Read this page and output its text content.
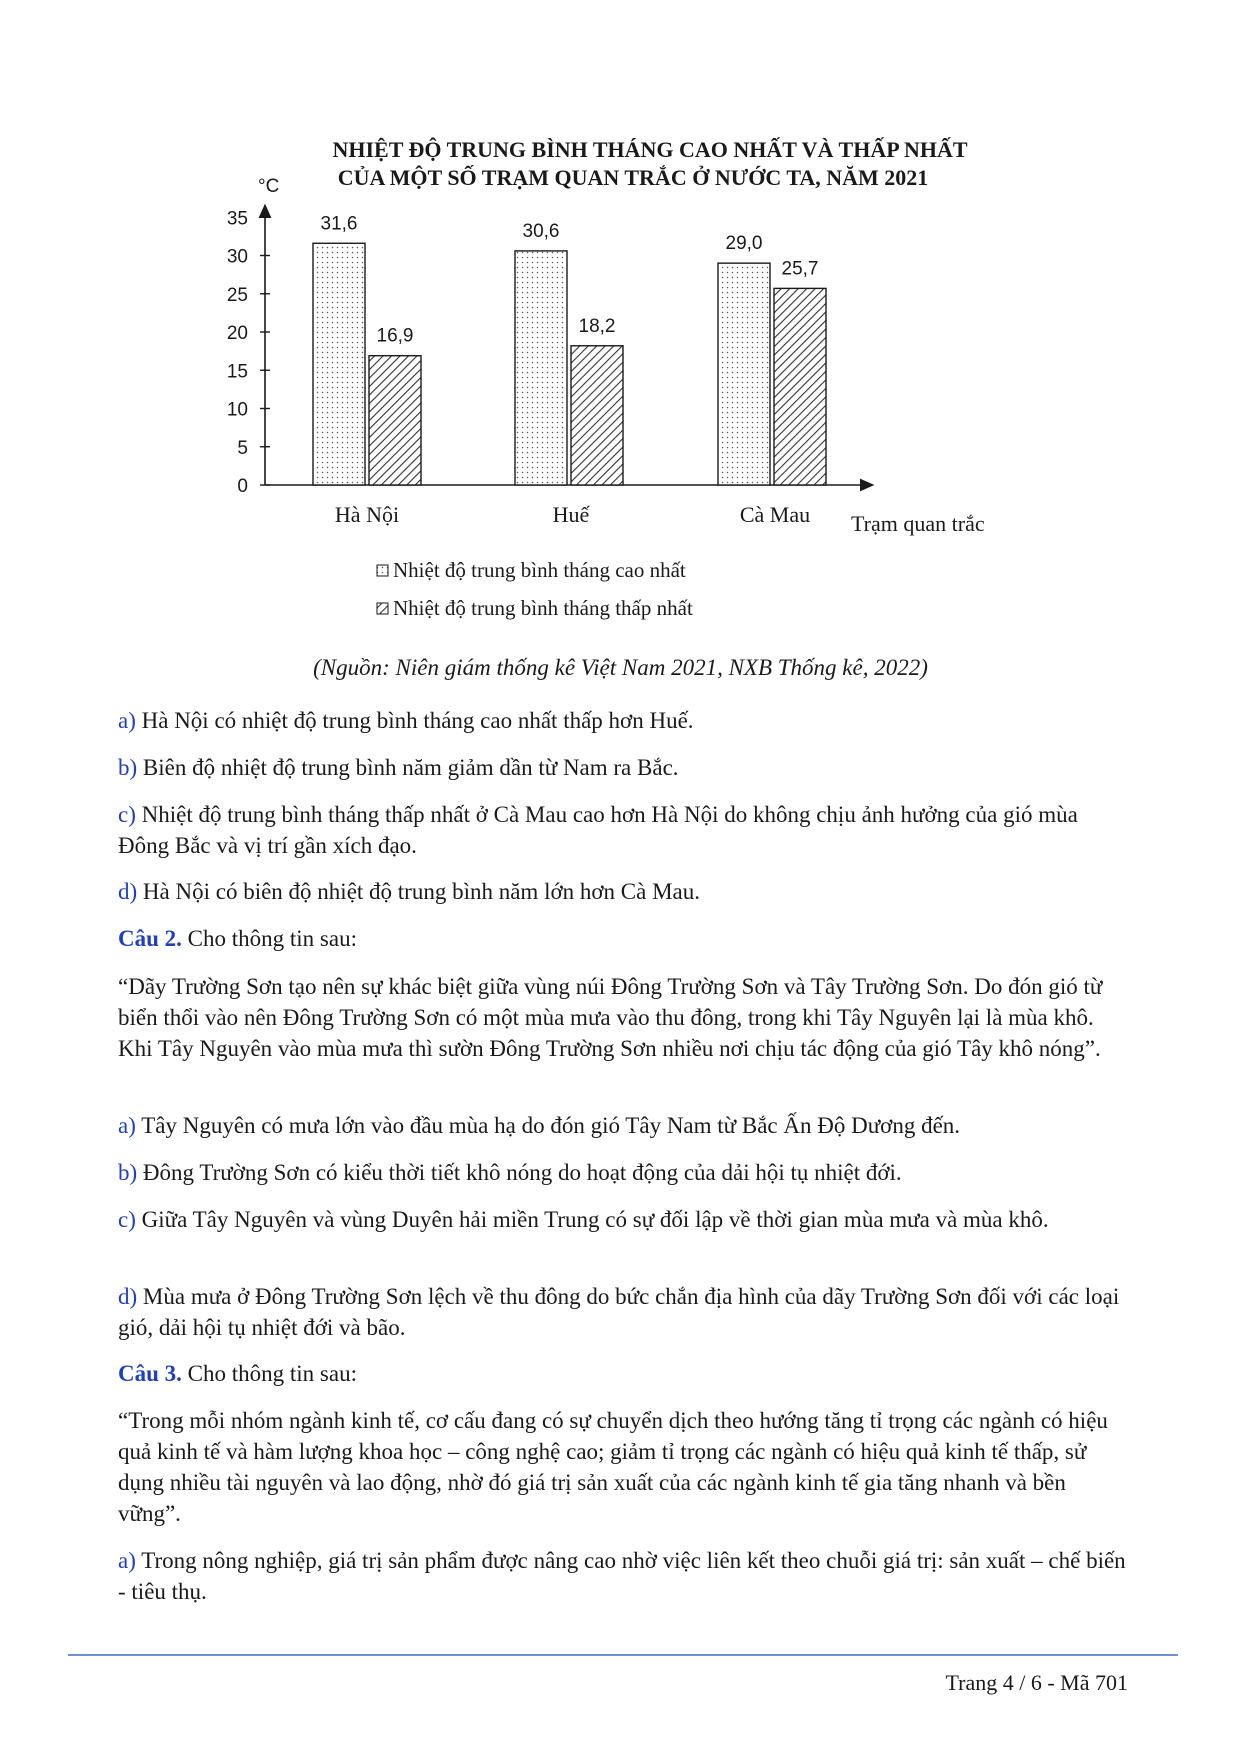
NHIỆT ĐỘ TRUNG BÌNH THÁNG CAO NHẤT VÀ THẤP NHẤT
CỦA MỘT SỐ TRẠM QUAN TRẮC Ở NƯỚC TA, NĂM 2021
°C
Trạm quan trắc
0
5
10
15
20
25
30
35	31,6
16,9
30,6
18,2
29,0
25,7
Hà Nội	Huế	Cà Mau
Nhiệt độ trung bình tháng cao nhất
Nhiệt độ trung bình tháng thấp nhất
(Nguồn: Niên giám thống kê Việt Nam 2021, NXB Thống kê, 2022)
a) Hà Nội có nhiệt độ trung bình tháng cao nhất thấp hơn Huế.
b) Biên độ nhiệt độ trung bình năm giảm dần từ Nam ra Bắc.
c) Nhiệt độ trung bình tháng thấp nhất ở Cà Mau cao hơn Hà Nội do không chịu ảnh hưởng của gió mùa Đông Bắc và vị trí gần xích đạo.
d) Hà Nội có biên độ nhiệt độ trung bình năm lớn hơn Cà Mau.
Câu 2. Cho thông tin sau:
“Dãy Trường Sơn tạo nên sự khác biệt giữa vùng núi Đông Trường Sơn và Tây Trường Sơn. Do đón gió từ biển thổi vào nên Đông Trường Sơn có một mùa mưa vào thu đông, trong khi Tây Nguyên lại là mùa khô. Khi Tây Nguyên vào mùa mưa thì sườn Đông Trường Sơn nhiều nơi chịu tác động của gió Tây khô nóng”.
a) Tây Nguyên có mưa lớn vào đầu mùa hạ do đón gió Tây Nam từ Bắc Ấn Độ Dương đến.
b) Đông Trường Sơn có kiểu thời tiết khô nóng do hoạt động của dải hội tụ nhiệt đới.
c) Giữa Tây Nguyên và vùng Duyên hải miền Trung có sự đối lập về thời gian mùa mưa và mùa khô.
d) Mùa mưa ở Đông Trường Sơn lệch về thu đông do bức chắn địa hình của dãy Trường Sơn đối với các loại gió, dải hội tụ nhiệt đới và bão.
Câu 3. Cho thông tin sau:
“Trong mỗi nhóm ngành kinh tế, cơ cấu đang có sự chuyển dịch theo hướng tăng tỉ trọng các ngành có hiệu quả kinh tế và hàm lượng khoa học – công nghệ cao; giảm tỉ trọng các ngành có hiệu quả kinh tế thấp, sử dụng nhiều tài nguyên và lao động, nhờ đó giá trị sản xuất của các ngành kinh tế gia tăng nhanh và bền vững”.
a) Trong nông nghiệp, giá trị sản phẩm được nâng cao nhờ việc liên kết theo chuỗi giá trị: sản xuất – chế biến - tiêu thụ.
Trang 4 / 6 - Mã 701
